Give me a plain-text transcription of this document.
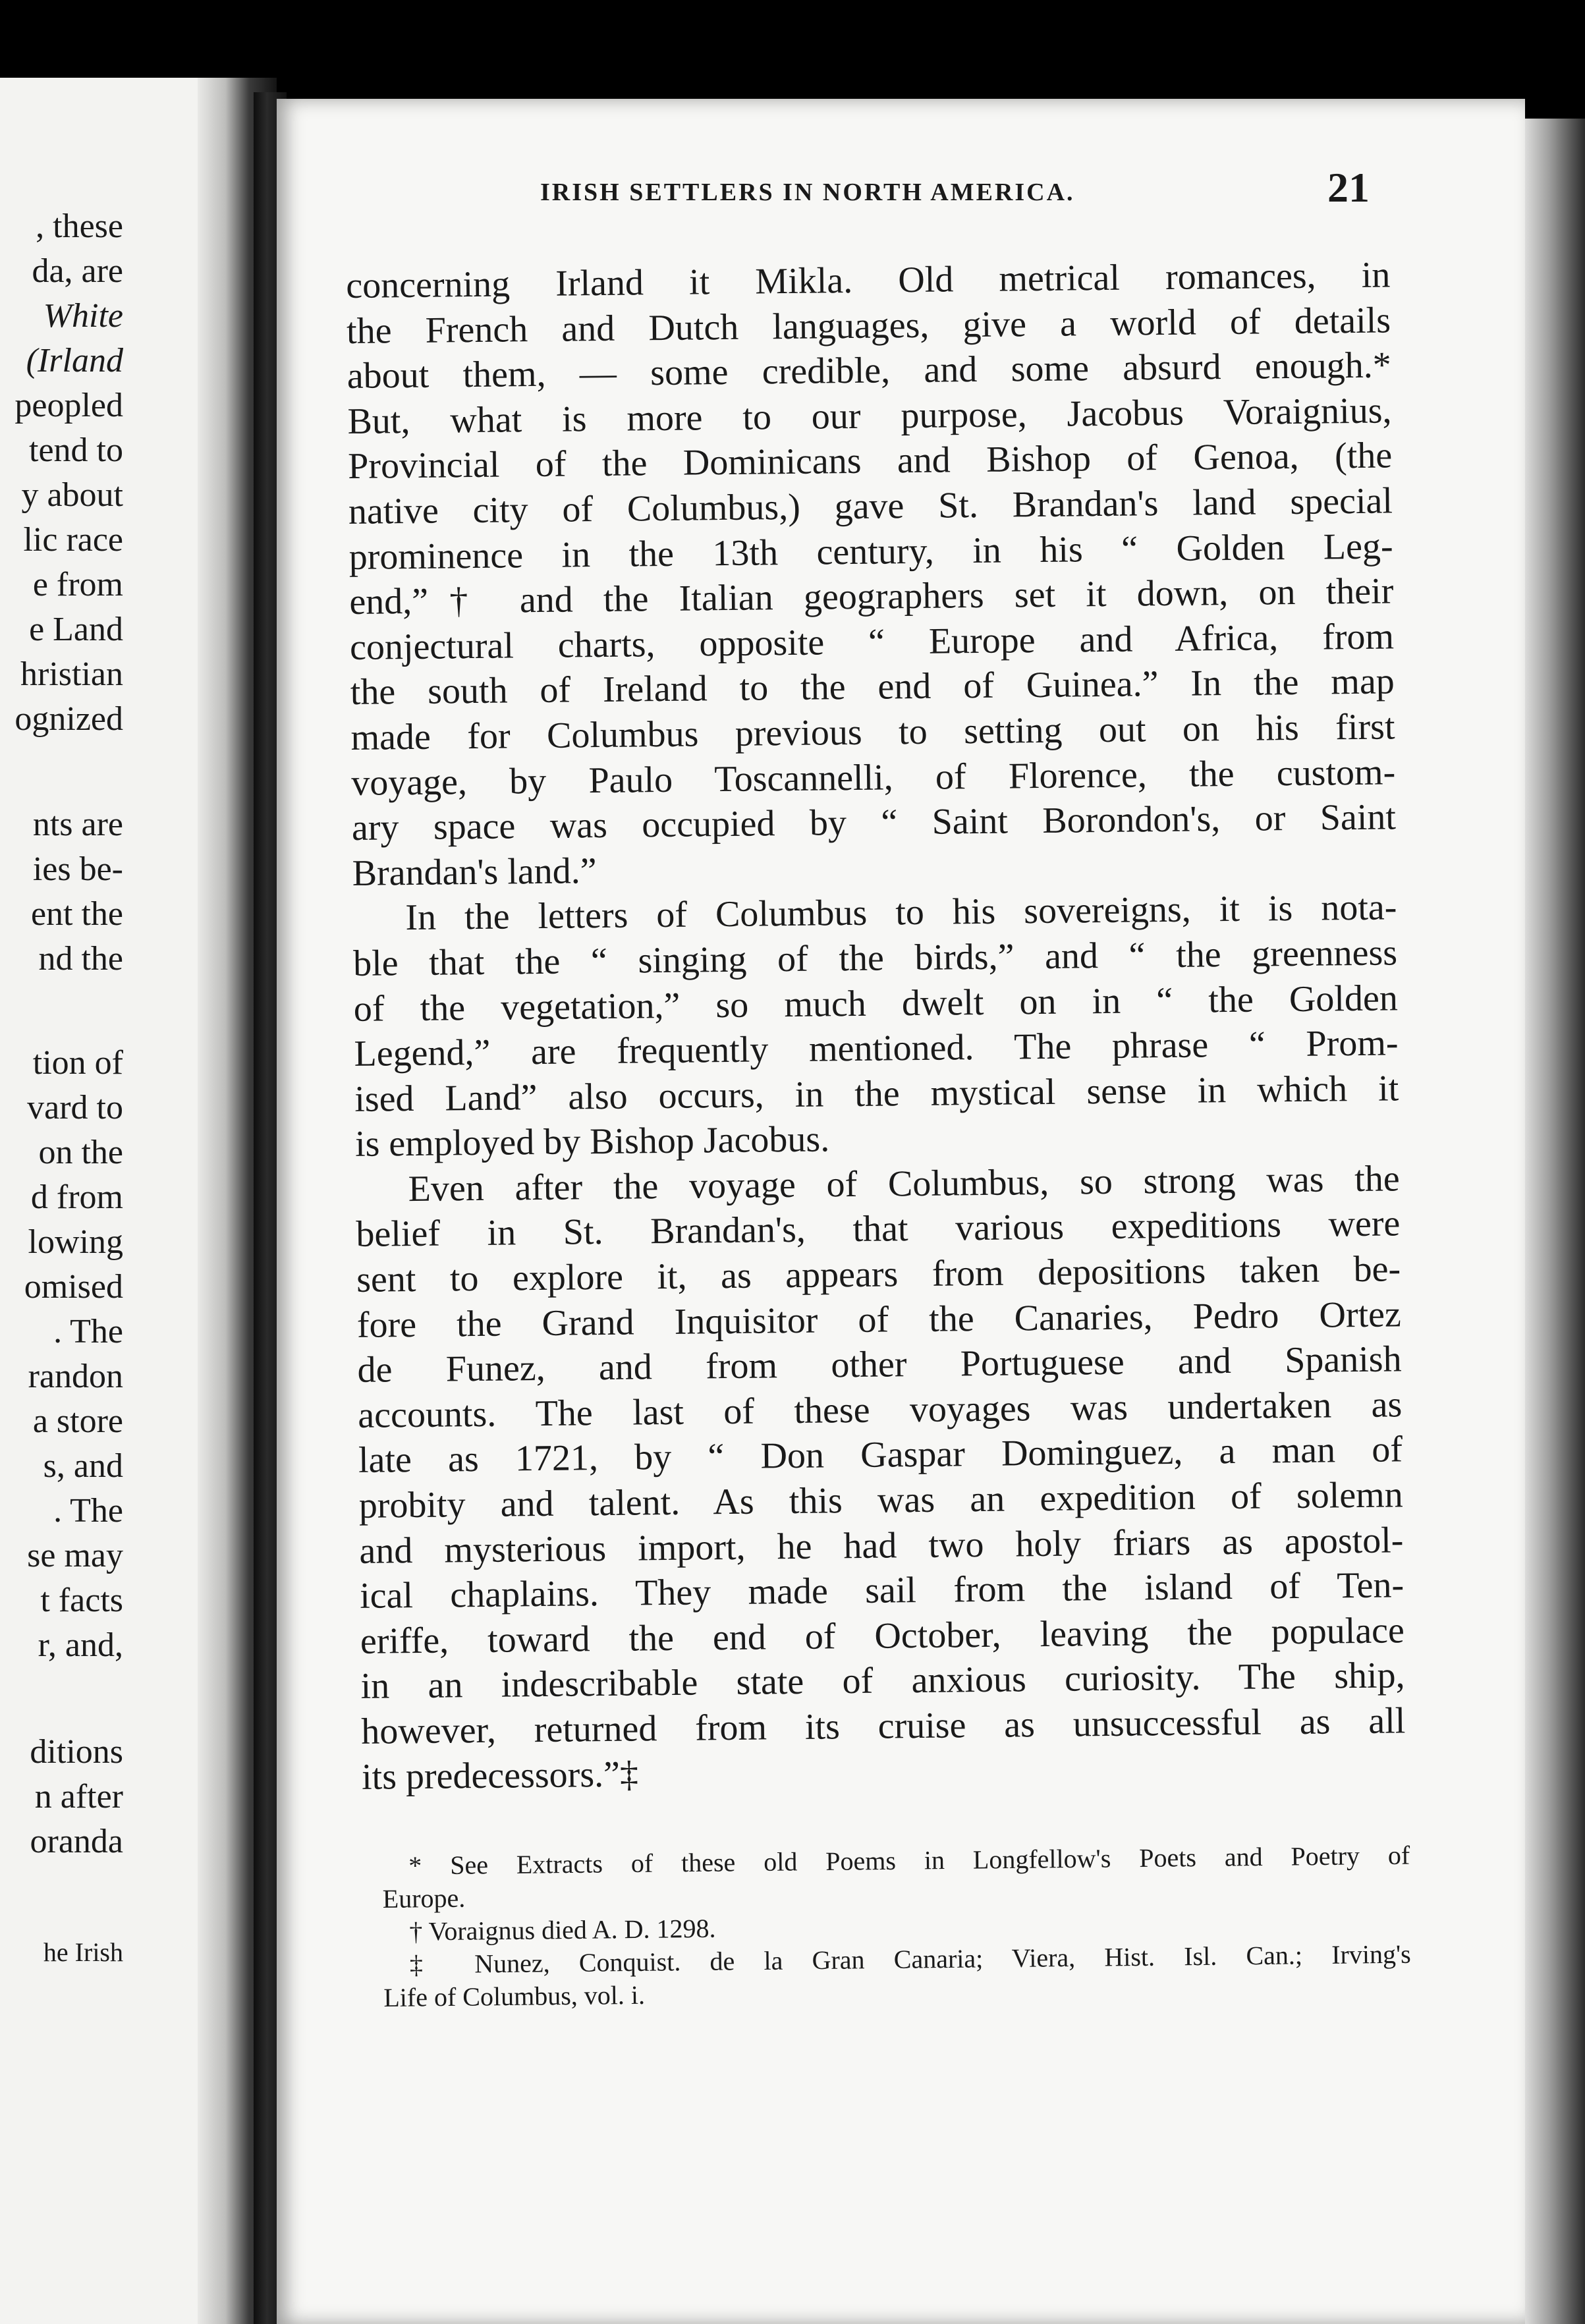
, these
da, are
White
(Irland
peopled
tend to
y about
lic race
e from
e Land
hristian
ognized
nts are
ies be-
ent the
nd the
tion of
vard to
on the
d from
lowing
omised
. The
randon
a store
s, and
. The
se may
t facts
r, and,
ditions
n after
oranda
he Irish
IRISH SETTLERS IN NORTH AMERICA.	21
concerning Irland it Mikla. Old metrical romances, in
the French and Dutch languages, give a world of details
about them, — some credible, and some absurd enough.*
But, what is more to our purpose, Jacobus Voraignius,
Provincial of the Dominicans and Bishop of Genoa, (the
native city of Columbus,) gave St. Brandan's land special
prominence in the 13th century, in his “ Golden Leg-
end,”† and the Italian geographers set it down, on their
conjectural charts, opposite “ Europe and Africa, from
the south of Ireland to the end of Guinea.” In the map
made for Columbus previous to setting out on his first
voyage, by Paulo Toscannelli, of Florence, the custom-
ary space was occupied by “ Saint Borondon's, or Saint
Brandan's land.”
In the letters of Columbus to his sovereigns, it is nota-
ble that the “ singing of the birds,” and “ the greenness
of the vegetation,” so much dwelt on in “ the Golden
Legend,” are frequently mentioned. The phrase “ Prom-
ised Land” also occurs, in the mystical sense in which it
is employed by Bishop Jacobus.
Even after the voyage of Columbus, so strong was the
belief in St. Brandan's, that various expeditions were
sent to explore it, as appears from depositions taken be-
fore the Grand Inquisitor of the Canaries, Pedro Ortez
de Funez, and from other Portuguese and Spanish
accounts. The last of these voyages was undertaken as
late as 1721, by “ Don Gaspar Dominguez, a man of
probity and talent. As this was an expedition of solemn
and mysterious import, he had two holy friars as apostol-
ical chaplains. They made sail from the island of Ten-
eriffe, toward the end of October, leaving the populace
in an indescribable state of anxious curiosity. The ship,
however, returned from its cruise as unsuccessful as all
its predecessors.”‡
* See Extracts of these old Poems in Longfellow's Poets and Poetry of
Europe.
† Voraignus died A. D. 1298.
‡ Nunez, Conquist. de la Gran Canaria; Viera, Hist. Isl. Can.; Irving's
Life of Columbus, vol. i.
